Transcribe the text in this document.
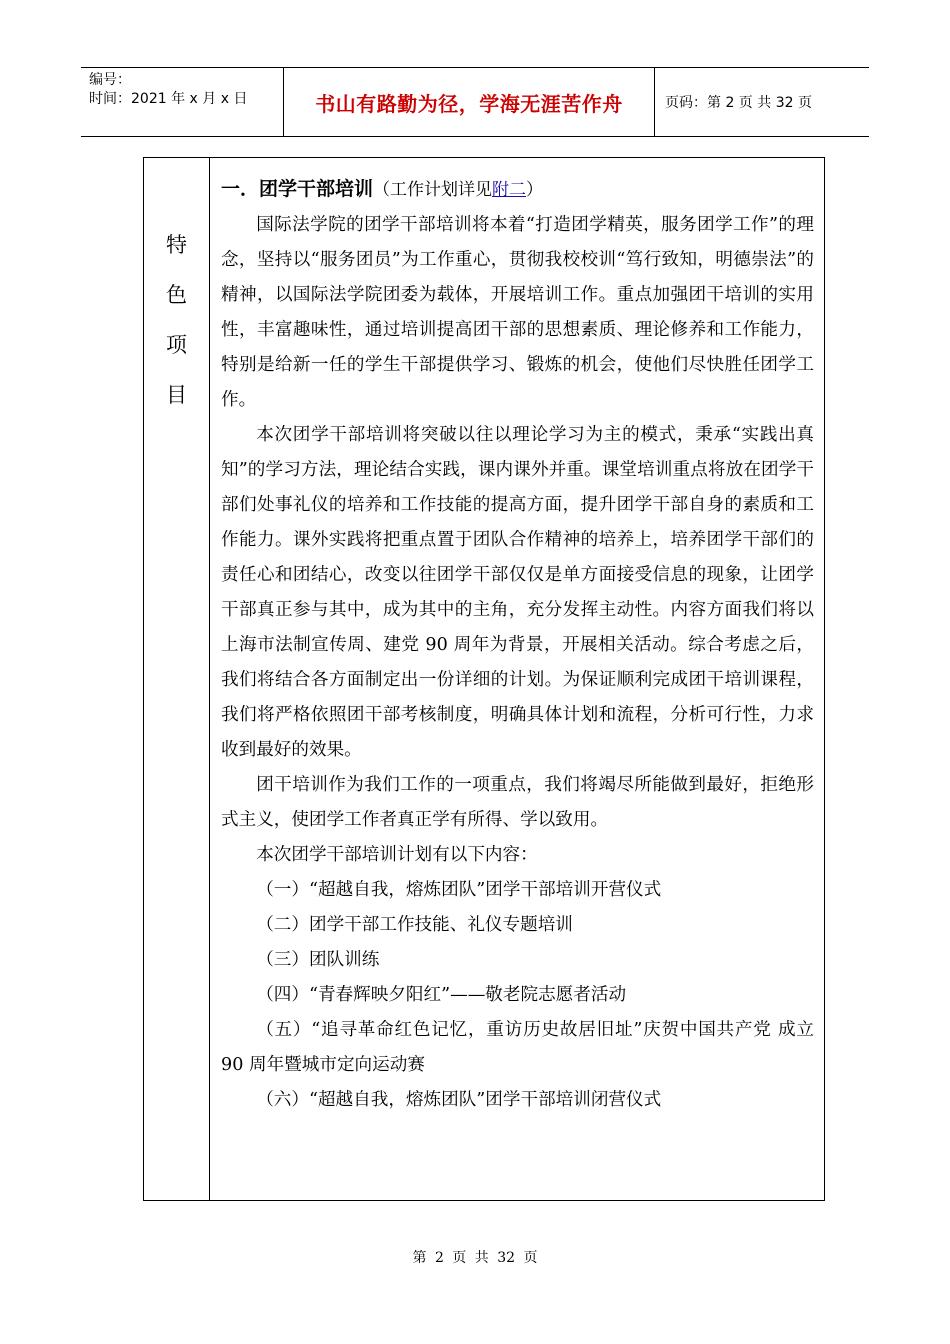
编号：
时间：2021 年 x 月 x 日	书山有路勤为径，学海无涯苦作舟	页码：第 2 页 共 32 页
特
色
项
目

一．团学干部培训（工作计划详见附二）

国际法学院的团学干部培训将本着“打造团学精英，服务团学工作”的理念，坚持以“服务团员”为工作重心，贯彻我校校训“笃行致知，明德崇法”的精神，以国际法学院团委为载体，开展培训工作。重点加强团干培训的实用性，丰富趣味性，通过培训提高团干部的思想素质、理论修养和工作能力，特别是给新一任的学生干部提供学习、锻炼的机会，使他们尽快胜任团学工作。

本次团学干部培训将突破以往以理论学习为主的模式，秉承“实践出真知”的学习方法，理论结合实践，课内课外并重。课堂培训重点将放在团学干部们处事礼仪的培养和工作技能的提高方面，提升团学干部自身的素质和工作能力。课外实践将把重点置于团队合作精神的培养上，培养团学干部们的责任心和团结心，改变以往团学干部仅仅是单方面接受信息的现象，让团学干部真正参与其中，成为其中的主角，充分发挥主动性。内容方面我们将以上海市法制宣传周、建党 90 周年为背景，开展相关活动。综合考虑之后，我们将结合各方面制定出一份详细的计划。为保证顺利完成团干培训课程，我们将严格依照团干部考核制度，明确具体计划和流程，分析可行性，力求收到最好的效果。

团干培训作为我们工作的一项重点，我们将竭尽所能做到最好，拒绝形式主义，使团学工作者真正学有所得、学以致用。

本次团学干部培训计划有以下内容：

（一）“超越自我，熔炼团队”团学干部培训开营仪式

（二）团学干部工作技能、礼仪专题培训

（三）团队训练

（四）“青春辉映夕阳红”——敬老院志愿者活动

（五）“追寻革命红色记忆，重访历史故居旧址”庆贺中国共产党 成立 90 周年暨城市定向运动赛

（六）“超越自我，熔炼团队”团学干部培训闭营仪式

第 2 页 共 32 页
